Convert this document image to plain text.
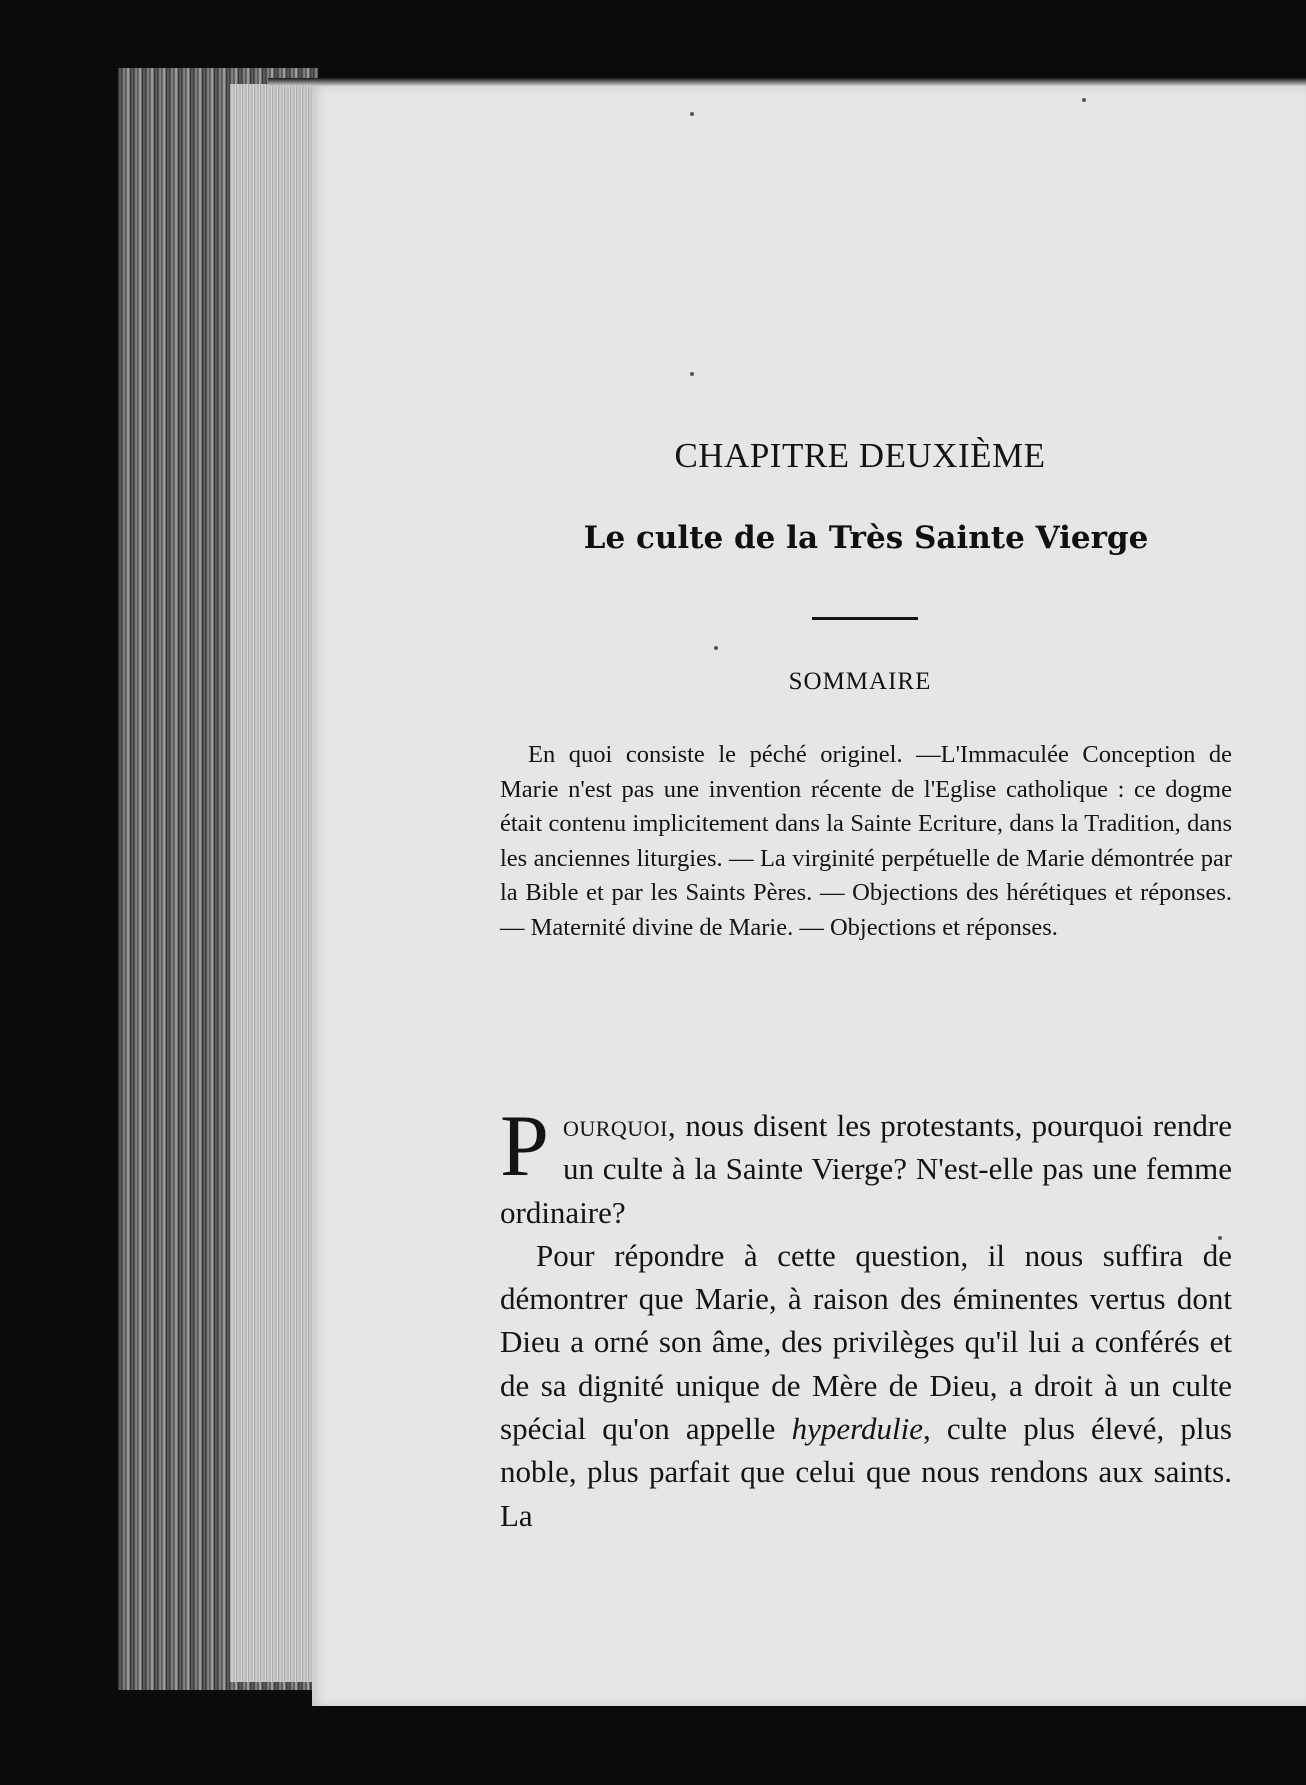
CHAPITRE DEUXIÈME
Le culte de la Très Sainte Vierge
SOMMAIRE
En quoi consiste le péché originel. —L'Immaculée Conception de Marie n'est pas une invention récente de l'Eglise catholique : ce dogme était contenu implicitement dans la Sainte Ecriture, dans la Tradition, dans les anciennes liturgies. — La virginité perpétuelle de Marie démontrée par la Bible et par les Saints Pères. — Objections des hérétiques et réponses. — Maternité divine de Marie. — Objections et réponses.

Pourquoi, nous disent les protestants, pourquoi rendre un culte à la Sainte Vierge? N'est-elle pas une femme ordinaire?

Pour répondre à cette question, il nous suffira de démontrer que Marie, à raison des éminentes vertus dont Dieu a orné son âme, des privilèges qu'il lui a conférés et de sa dignité unique de Mère de Dieu, a droit à un culte spécial qu'on appelle hyperdulie, culte plus élevé, plus noble, plus parfait que celui que nous rendons aux saints. La
